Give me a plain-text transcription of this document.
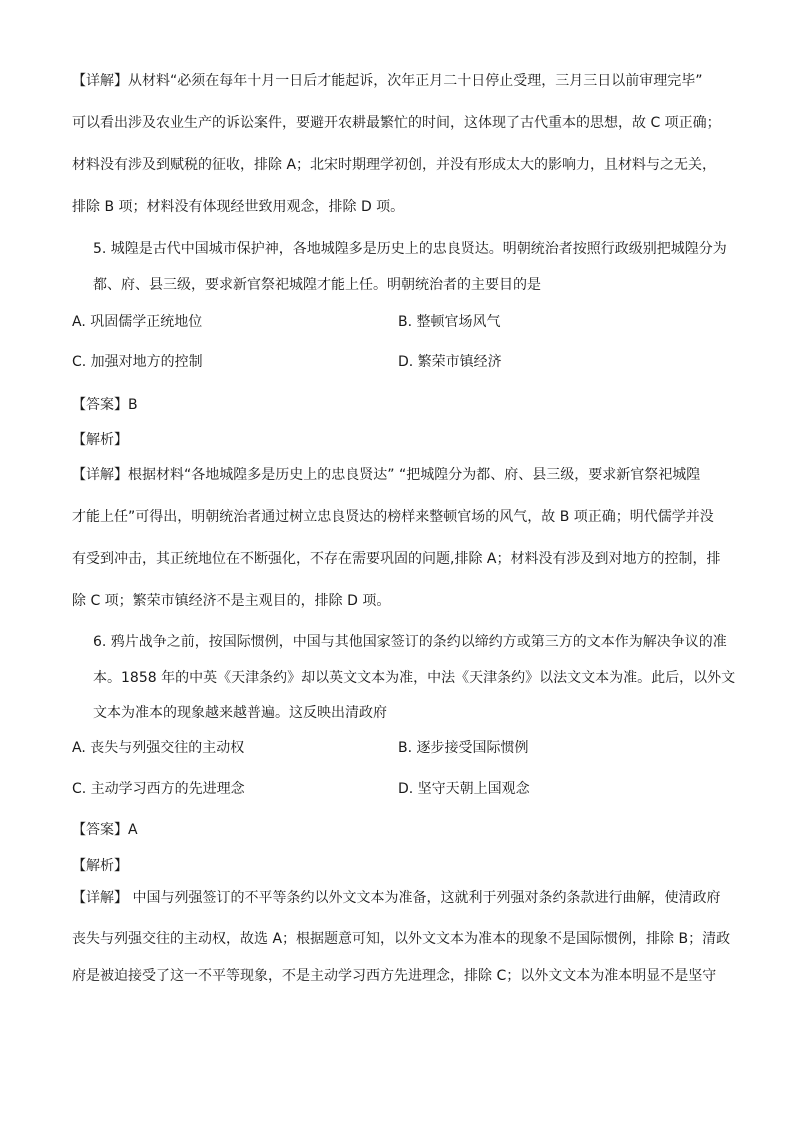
【详解】从材料“必须在每年十月一日后才能起诉，次年正月二十日停止受理，三月三日以前审理完毕”
可以看出涉及农业生产的诉讼案件，要避开农耕最繁忙的时间，这体现了古代重本的思想，故 C 项正确；
材料没有涉及到赋税的征收，排除 A；北宋时期理学初创，并没有形成太大的影响力，且材料与之无关，
排除 B 项；材料没有体现经世致用观念，排除 D 项。
5. 城隍是古代中国城市保护神，各地城隍多是历史上的忠良贤达。明朝统治者按照行政级别把城隍分为
都、府、县三级，要求新官祭祀城隍才能上任。明朝统治者的主要目的是
A. 巩固儒学正统地位	B. 整顿官场风气
C. 加强对地方的控制	D. 繁荣市镇经济
【答案】B
【解析】
【详解】根据材料“各地城隍多是历史上的忠良贤达” “把城隍分为都、府、县三级，要求新官祭祀城隍
才能上任”可得出，明朝统治者通过树立忠良贤达的榜样来整顿官场的风气，故 B 项正确；明代儒学并没
有受到冲击，其正统地位在不断强化，不存在需要巩固的问题,排除 A；材料没有涉及到对地方的控制，排
除 C 项；繁荣市镇经济不是主观目的，排除 D 项。
6. 鸦片战争之前，按国际惯例，中国与其他国家签订的条约以缔约方或第三方的文本作为解决争议的准
本。1858 年的中英《天津条约》却以英文文本为准，中法《天津条约》以法文文本为准。此后，以外文
文本为准本的现象越来越普遍。这反映出清政府
A. 丧失与列强交往的主动权	B. 逐步接受国际惯例
C. 主动学习西方的先进理念	D. 坚守天朝上国观念
【答案】A
【解析】
【详解】 中国与列强签订的不平等条约以外文文本为准备，这就利于列强对条约条款进行曲解，使清政府
丧失与列强交往的主动权，故选 A；根据题意可知，以外文文本为准本的现象不是国际惯例，排除 B；清政
府是被迫接受了这一不平等现象，不是主动学习西方先进理念，排除 C；以外文文本为准本明显不是坚守
